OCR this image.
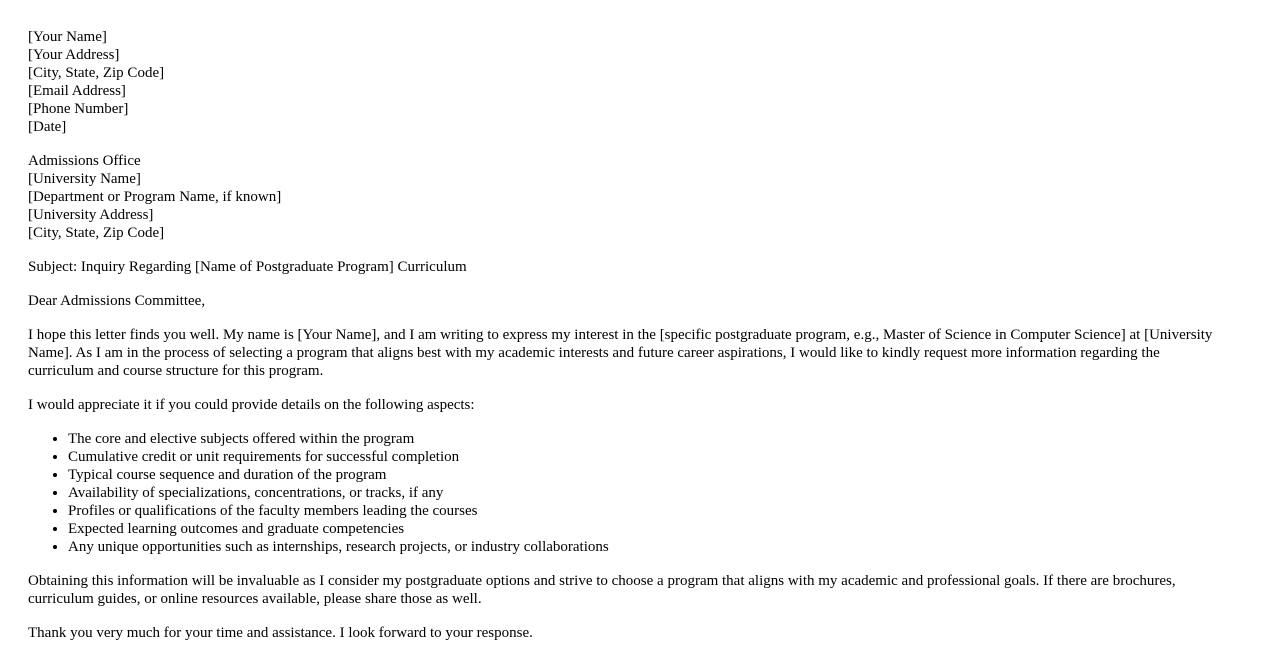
[Your Name]
[Your Address]
[City, State, Zip Code]
[Email Address]
[Phone Number]
[Date]
Admissions Office
[University Name]
[Department or Program Name, if known]
[University Address]
[City, State, Zip Code]

Subject: Inquiry Regarding [Name of Postgraduate Program] Curriculum

Dear Admissions Committee,

I hope this letter finds you well. My name is [Your Name], and I am writing to express my interest in the [specific postgraduate program, e.g., Master of Science in Computer Science] at [University Name]. As I am in the process of selecting a program that aligns best with my academic interests and future career aspirations, I would like to kindly request more information regarding the curriculum and course structure for this program.

I would appreciate it if you could provide details on the following aspects:

• The core and elective subjects offered within the program
• Cumulative credit or unit requirements for successful completion
• Typical course sequence and duration of the program
• Availability of specializations, concentrations, or tracks, if any
• Profiles or qualifications of the faculty members leading the courses
• Expected learning outcomes and graduate competencies
• Any unique opportunities such as internships, research projects, or industry collaborations

Obtaining this information will be invaluable as I consider my postgraduate options and strive to choose a program that aligns with my academic and professional goals. If there are brochures, curriculum guides, or online resources available, please share those as well.

Thank you very much for your time and assistance. I look forward to your response.
